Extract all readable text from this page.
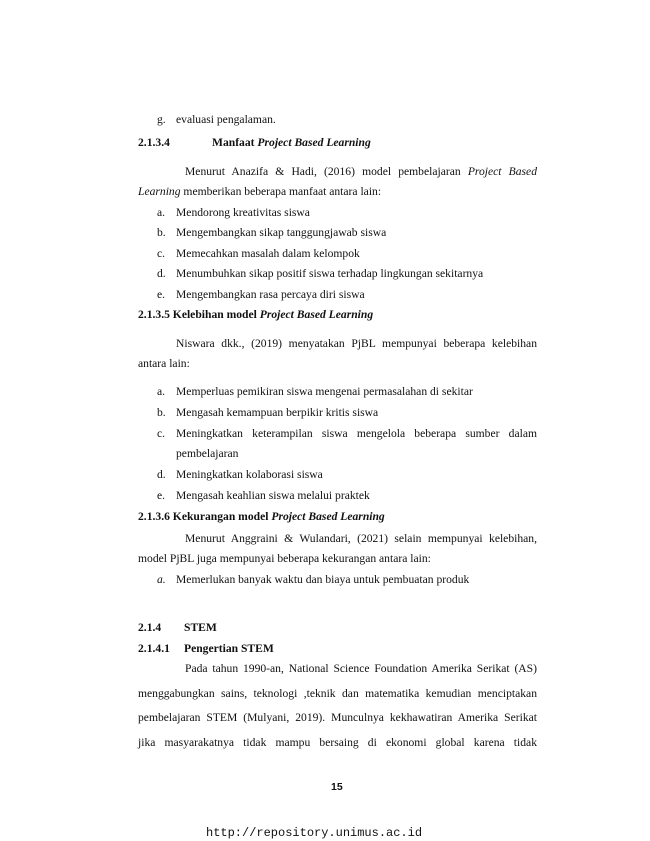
g. evaluasi pengalaman.
2.1.3.4	Manfaat Project Based Learning
Menurut Anazifa & Hadi, (2016) model pembelajaran Project Based
Learning memberikan beberapa manfaat antara lain:
a. Mendorong kreativitas siswa
b. Mengembangkan sikap tanggungjawab siswa
c. Memecahkan masalah dalam kelompok
d. Menumbuhkan sikap positif siswa terhadap lingkungan sekitarnya
e. Mengembangkan rasa percaya diri siswa
2.1.3.5 Kelebihan model Project Based Learning
Niswara dkk., (2019) menyatakan PjBL mempunyai beberapa kelebihan
antara lain:
a. Memperluas pemikiran siswa mengenai permasalahan di sekitar
b. Mengasah kemampuan berpikir kritis siswa
c. Meningkatkan keterampilan siswa mengelola beberapa sumber dalam
pembelajaran
d. Meningkatkan kolaborasi siswa
e. Mengasah keahlian siswa melalui praktek
2.1.3.6 Kekurangan model Project Based Learning
Menurut Anggraini & Wulandari, (2021) selain mempunyai kelebihan,
model PjBL juga mempunyai beberapa kekurangan antara lain:
a. Memerlukan banyak waktu dan biaya untuk pembuatan produk
2.1.4 STEM
2.1.4.1 Pengertian STEM
Pada tahun 1990-an, National Science Foundation Amerika Serikat (AS)
menggabungkan sains, teknologi ,teknik dan matematika kemudian menciptakan
pembelajaran STEM (Mulyani, 2019). Munculnya kekhawatiran Amerika Serikat
jika masyarakatnya tidak mampu bersaing di ekonomi global karena tidak
15
http://repository.unimus.ac.id
